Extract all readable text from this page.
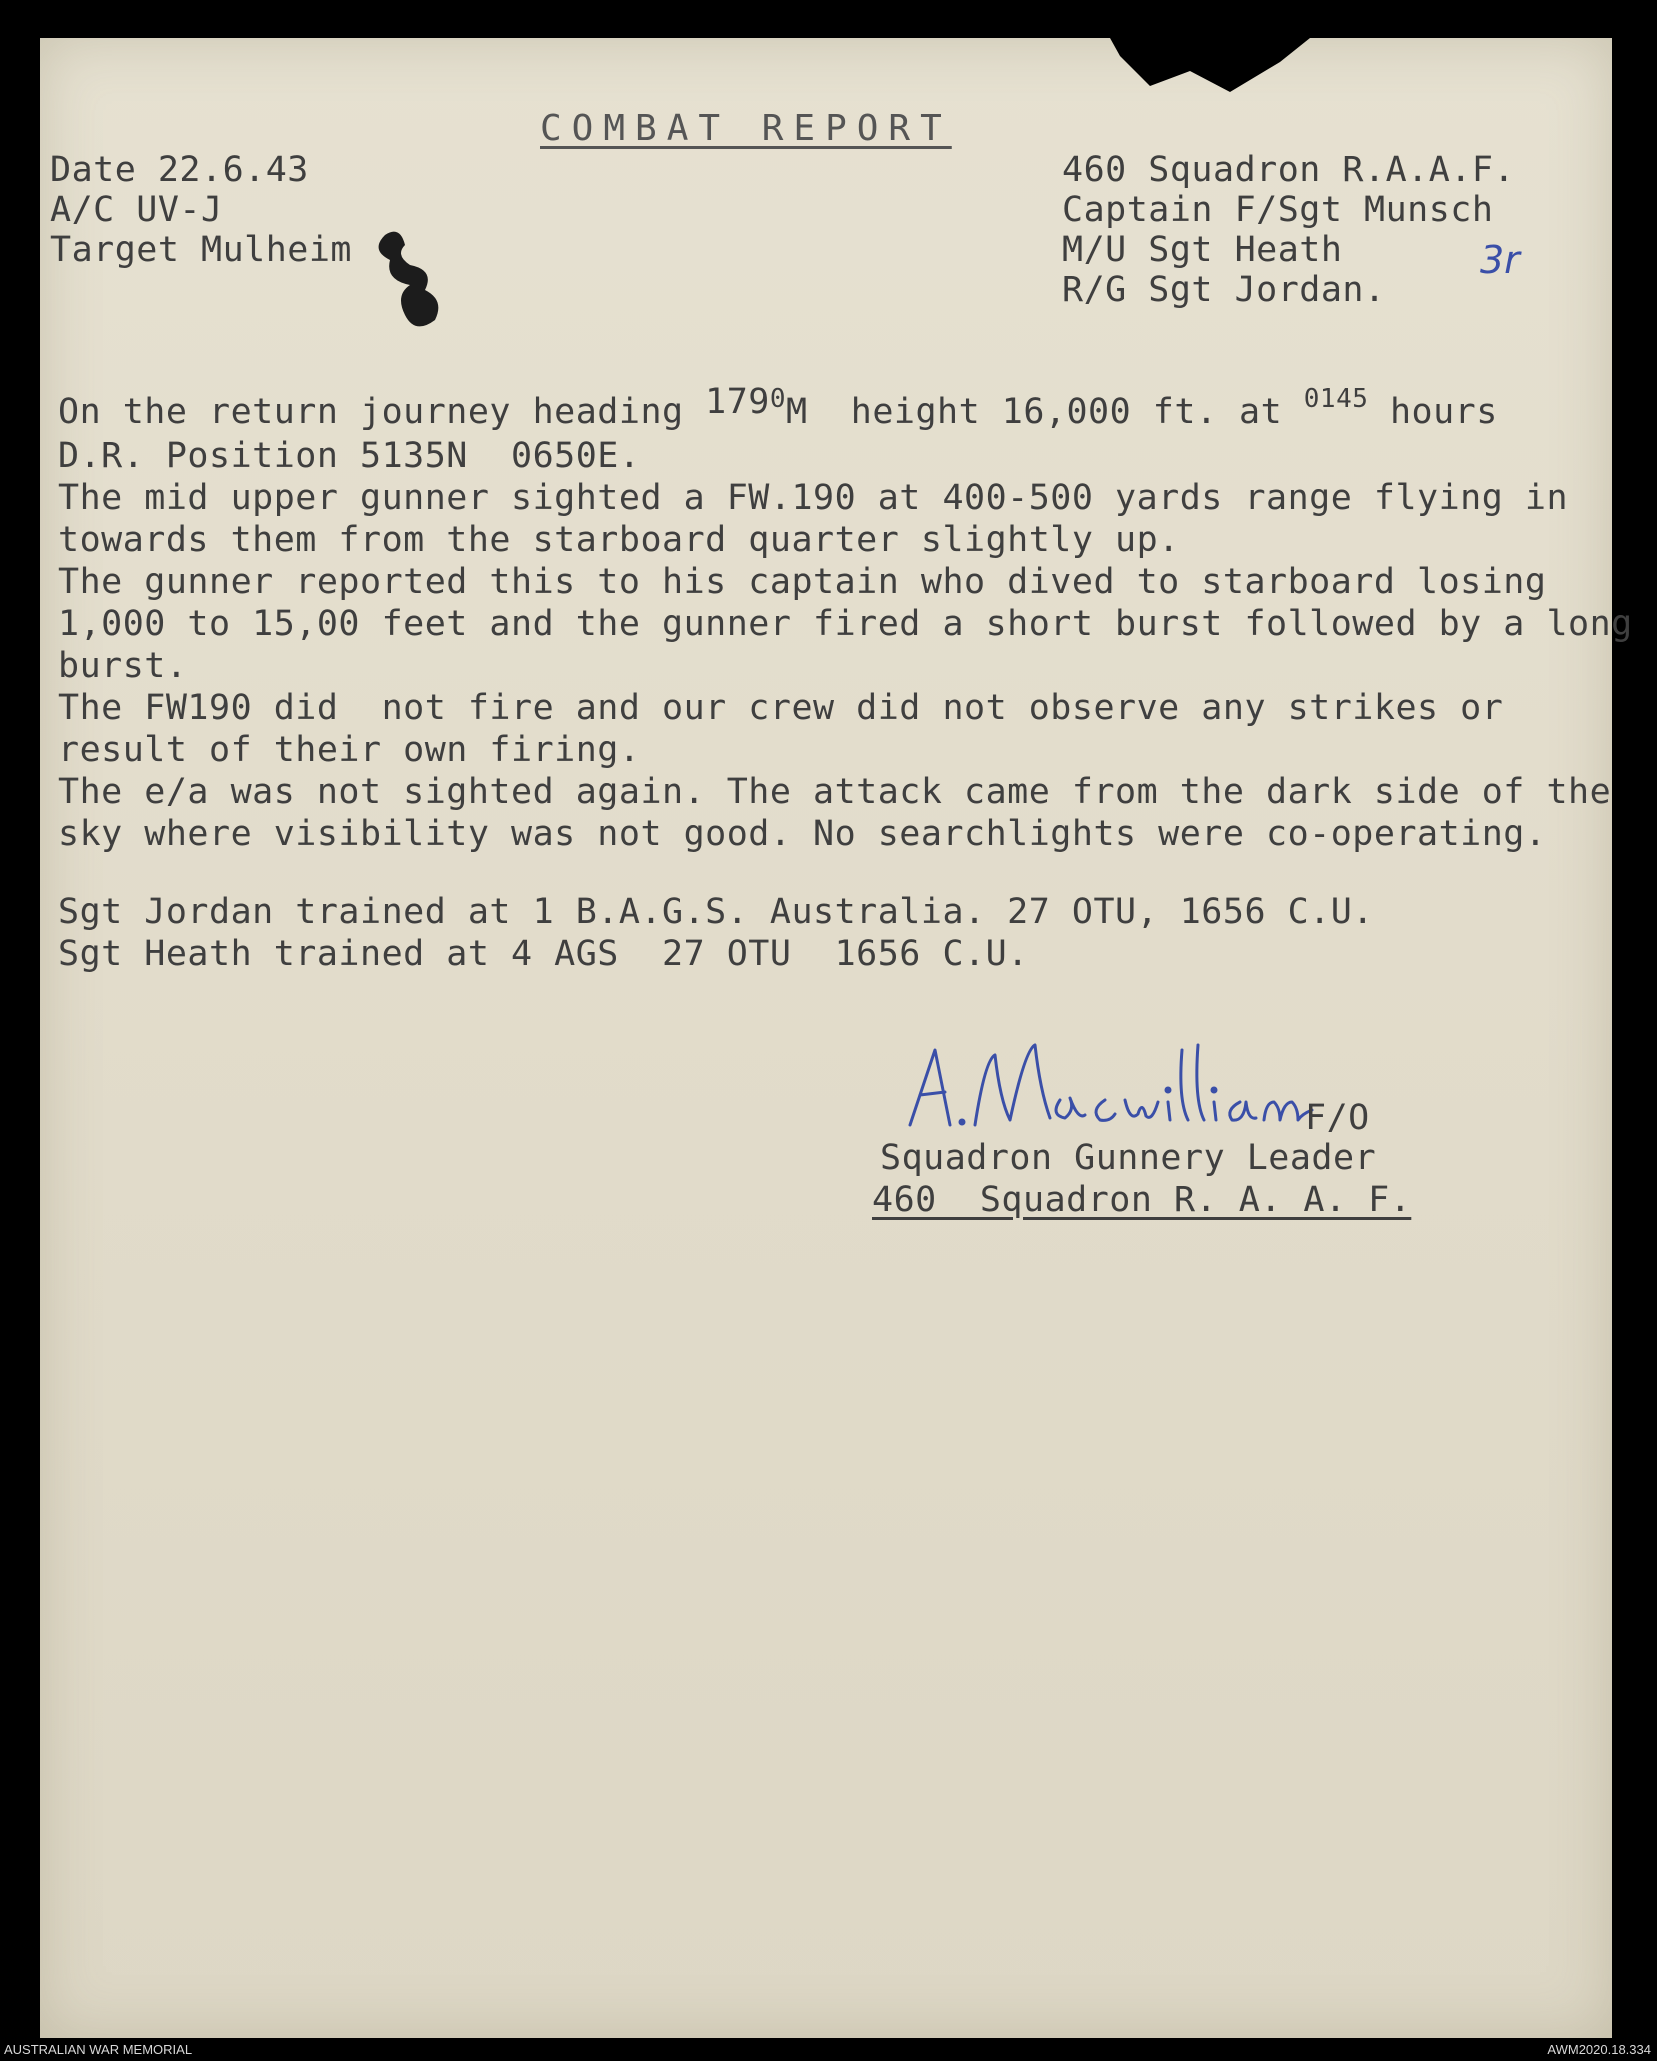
COMBAT REPORT
Date 22.6.43
A/C UV-J
Target Mulheim
460 Squadron R.A.A.F.
Captain F/Sgt Munsch
M/U Sgt Heath
R/G Sgt Jordan.
3r
On the return journey heading $179^0M$  height 16,000 ft. at $^{0145}$ hours
D.R. Position 5135N  0650E.
The mid upper gunner sighted a FW.190 at 400-500 yards range flying in
towards them from the starboard quarter slightly up.
The gunner reported this to his captain who dived to starboard losing
1,000 to 15,00 feet and the gunner fired a short burst followed by a long
burst.
The FW190 did  not fire and our crew did not observe any strikes or
result of their own firing.
The e/a was not sighted again. The attack came from the dark side of the
sky where visibility was not good. No searchlights were co-operating.
Sgt Jordan trained at 1 B.A.G.S. Australia. 27 OTU, 1656 C.U.
Sgt Heath trained at 4 AGS  27 OTU  1656 C.U.
F/O
Squadron Gunnery Leader
460  Squadron R. A. A. F.
AUSTRALIAN WAR MEMORIAL	AWM2020.18.334
